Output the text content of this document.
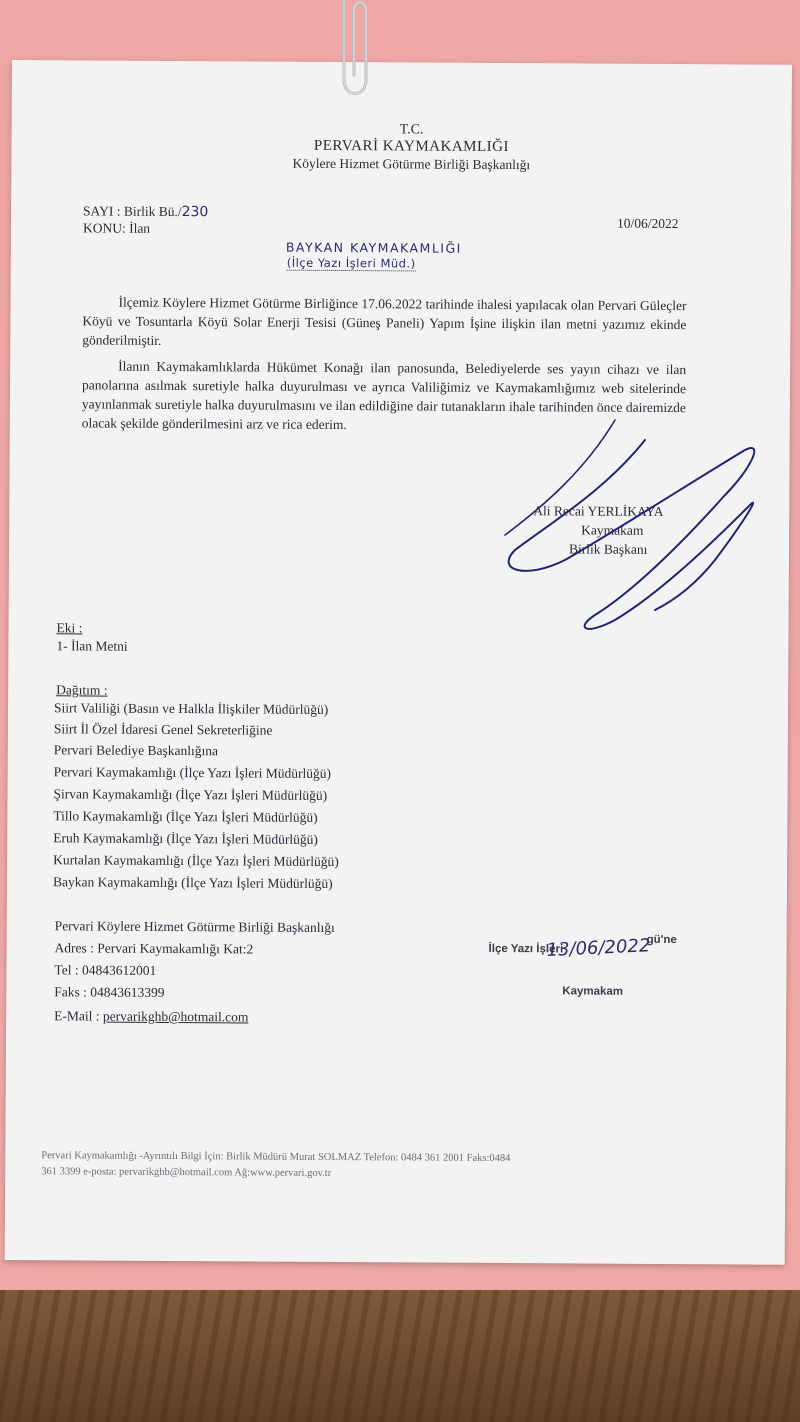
T.C.
PERVARİ KAYMAKAMLIĞI
Köylere Hizmet Götürme Birliği Başkanlığı
SAYI : Birlik Bü./230
KONU: İlan	10/06/2022
BAYKAN KAYMAKAMLIĞI
(İlçe Yazı İşleri Müd.)
İlçemiz Köylere Hizmet Götürme Birliğince 17.06.2022 tarihinde ihalesi yapılacak olan Pervari Güleçler Köyü ve Tosuntarla Köyü Solar Enerji Tesisi (Güneş Paneli) Yapım İşine ilişkin ilan metni yazımız ekinde gönderilmiştir.
İlanın Kaymakamlıklarda Hükümet Konağı ilan panosunda, Belediyelerde ses yayın cihazı ve ilan panolarına asılmak suretiyle halka duyurulması ve ayrıca Valiliğimiz ve Kaymakamlığımız web sitelerinde yayınlanmak suretiyle halka duyurulmasını ve ilan edildiğine dair tutanakların ihale tarihinden önce dairemizde olacak şekilde gönderilmesini arz ve rica ederim.
Ali Recai YERLİKAYA
Kaymakam
Birlik Başkanı
Eki :
1- İlan Metni
Dağıtım :
Siirt Valiliği (Basın ve Halkla İlişkiler Müdürlüğü)
Siirt İl Özel İdaresi Genel Sekreterliğine
Pervari Belediye Başkanlığına
Pervari Kaymakamlığı (İlçe Yazı İşleri Müdürlüğü)
Şirvan Kaymakamlığı (İlçe Yazı İşleri Müdürlüğü)
Tillo Kaymakamlığı (İlçe Yazı İşleri Müdürlüğü)
Eruh Kaymakamlığı (İlçe Yazı İşleri Müdürlüğü)
Kurtalan Kaymakamlığı (İlçe Yazı İşleri Müdürlüğü)
Baykan Kaymakamlığı (İlçe Yazı İşleri Müdürlüğü)
Pervari Köylere Hizmet Götürme Birliği Başkanlığı
Adres : Pervari Kaymakamlığı Kat:2
Tel : 04843612001
Faks : 04843613399
E-Mail : pervarikghb@hotmail.com
İlçe Yazı İşleri
13/06/2022
gü'ne
Kaymakam
Pervari Kaymakamlığı -Ayrıntılı Bilgi İçin: Birlik Müdürü Murat SOLMAZ Telefon: 0484 361 2001 Faks:0484
361 3399 e-posta: pervarikghb@hotmail.com Ağ:www.pervari.gov.tr
